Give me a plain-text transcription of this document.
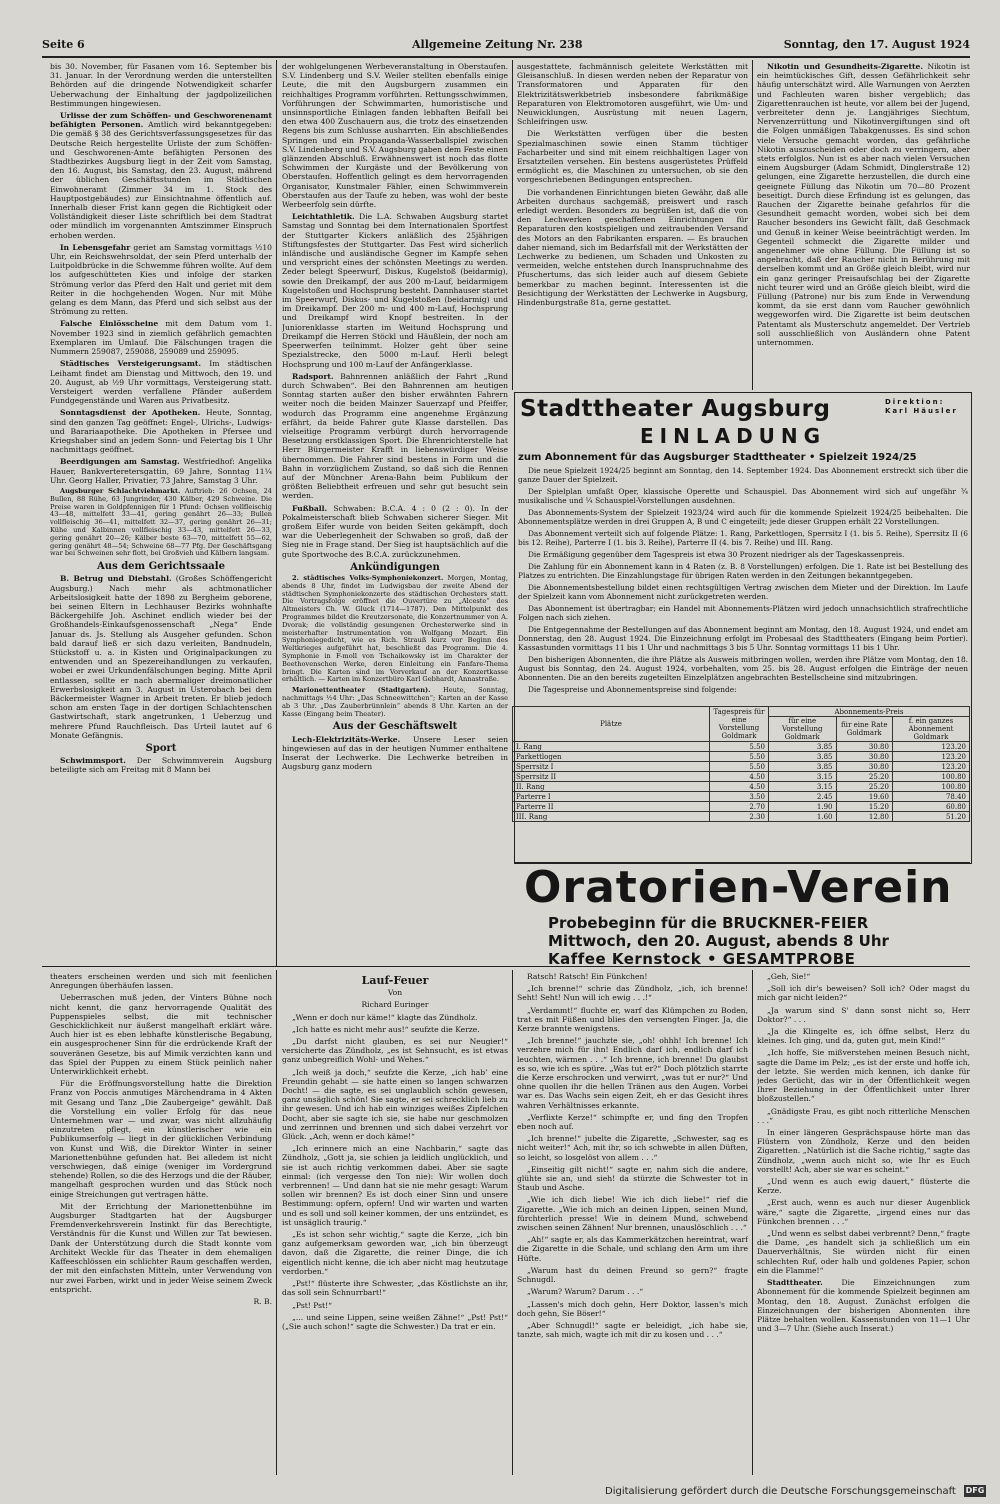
Seite 6	Allgemeine Zeitung Nr. 238	Sonntag, den 17. August 1924

bis 30. November, für Fasanen vom 16. September bis 31. Januar. In der Verordnung werden die unterstellten Behörden auf die dringende Notwendigkeit scharfer Ueberwachung der Einhaltung der jagdpolizeilichen Bestimmungen hingewiesen.

Urlisse der zum Schöffen- und Geschworenenamt befähigten Personen. Amtlich wird bekanntgegeben: Die gemäß § 38 des Gerichtsverfassungsgesetzes für das Deutsche Reich hergestellte Urliste der zum Schöffen- und Geschworenen-Amte befähigten Personen des Stadtbezirkes Augsburg liegt in der Zeit vom Samstag, den 16. August, bis Samstag, den 23. August, mährend der üblichen Geschäftsstunden im Städtischen Einwohneramt (Zimmer 34 im 1. Stock des Hauptpostgebäudes) zur Einsichtnahme öffentlich auf. Innerhalb dieser Frist kann gegen die Richtigkeit oder Vollständigkeit dieser Liste schriftlich bei dem Stadtrat oder mündlich im vorgenannten Amtszimmer Einspruch erhoben werden.

In Lebensgefahr geriet am Samstag vormittags ½10 Uhr, ein Reichswehrsoldat, der sein Pferd unterhalb der Luitpoldbrücke in die Schwemme führen wollte. Auf dem los aufgeschütteten Kies und infolge der starken Strömung verlor das Pferd den Halt und geriet mit dem Reiter in die hochgehenden Wogen. Nur mit Mühe gelang es dem Mann, das Pferd und sich selbst aus der Strömung zu retten.

Falsche Einlösscheine mit dem Datum vom 1. November 1923 sind in ziemlich gefährlich gemachten Exemplaren im Umlauf. Die Fälschungen tragen die Nummern 259087, 259088, 259089 und 259095.

Städtisches Versteigerungsamt. Im städtischen Leihamt findet am Dienstag und Mittwoch, den 19. und 20. August, ab ½9 Uhr vormittags, Versteigerung statt. Versteigert werden verfallene Pfänder außerdem Fundgegenstände und Waren aus Privatbesitz.

Sonntagsdienst der Apotheken. Heute, Sonntag, sind den ganzen Tag geöffnet: Engel-, Ulrichs-, Ludwigs- und Barariaapotheke. Die Apotheken in Pfersee und Kriegshaber sind an jedem Sonn- und Feiertag bis 1 Uhr nachmittags geöffnet.

Beerdigungen am Samstag. Westfriedhof: Angelika Hauer, Bankverteretersgattin, 69 Jahre, Sonntag 11¼ Uhr. Georg Haller, Privatier, 73 Jahre, Samstag 3 Uhr.

Augsburger Schlachtviehmarkt. Auftrieb: 26 Ochsen, 24 Bullen, 88 Rühe, 63 Jungrinder, 430 Kälber, 429 Schweine. Die Preise waren in Goldpfennigen für 1 Pfund: Ochsen vollfleischig 43—48, mittelfett 33—41, gering genährt 26—33; Bullen vollfleischig 36—41, mittelfett 32—37, gering genährt 26—31; Kühe und Kalbinnen vollfleischig 33—43, mittelfett 26—33, gering genährt 20—26; Kälber beste 63—70, mittelfett 55—62, gering genährt 48—54; Schweine 68—77 Pfg. Der Geschäftsgang war bei Schweinen sehr flott, bei Großvieh und Kälbern langsam.

Aus dem Gerichtssaale

B. Betrug und Diebstahl. (Großes Schöffengericht Augsburg.) Nach mehr als achtmonatlicher Arbeitslosigkeit hatte der 1898 zu Bergheim geborene, bei seinen Eltern in Lechhauser Bezirks wohnhafte Bäckergehilfe Joh. Aschinet endlich wieder bei der Großhandels-Einkaufsgenossenschaft „Nega“ Ende Januar ds. Js. Stellung als Ausgeher gefunden. Schon bald darauf ließ er sich dazu verleiten, Bandnudeln, Stückstoff u. a. in Kisten und Originalpackungen zu entwenden und an Spezereihandlungen zu verkaufen, wobei er zwei Urkundenfälschungen beging. Mitte April entlassen, sollte er nach abermaliger dreimonatlicher Erwerbslosigkeit am 3. August in Usterobach bei dem Bäckermeister Wagner in Arbeit treten. Er blieb jedoch schon am ersten Tage in der dortigen Schlachtenschen Gastwirtschaft, stark angetrunken, 1 Ueberzug und mehrere Pfund Rauchfleisch. Das Urteil lautet auf 6 Monate Gefängnis.

Sport

Schwimmsport. Der Schwimmverein Augsburg beteiligte sich am Freitag mit 8 Mann bei

der wohlgelungenen Werbeveranstaltung in Oberstaufen. S.V. Lindenberg und S.V. Weiler stellten ebenfalls einige Leute, die mit den Augsburgern zusammen ein reichhaltiges Programm vorführten. Rettungsschwimmen, Vorführungen der Schwimmarten, humoristische und unsinnsportliche Einlagen fanden lebhaften Beifall bei den etwa 400 Zuschauern aus, die trotz des einsetzenden Regens bis zum Schlusse ausharrten. Ein abschließendes Springen und ein Propaganda-Wasserballspiel zwischen S.V. Lindenberg und S.V. Augsburg gaben dem Feste einen glänzenden Abschluß. Erwähnenswert ist noch das flotte Schwimmen der Kurgäste und der Bevölkerung von Oberstaufen. Hoffentlich gelingt es dem hervorragenden Organisator, Kunstmaler Fähler, einen Schwimmverein Oberstaufen aus der Taufe zu heben, was wohl der beste Werbeerfolg sein dürfte.

Leichtathletik. Die L.A. Schwaben Augsburg startet Samstag und Sonntag bei dem Internationalen Sportfest der Stuttgarter Kickers anläßlich des 25jährigen Stiftungsfestes der Stuttgarter. Das Fest wird sicherlich inländische und ausländische Gegner im Kampfe sehen und verspricht eines der schönsten Meetings zu werden. Zeder belegt Speerwurf, Diskus, Kugelstoß (beidarmig), sowie den Dreikampf, der aus 200 m-Lauf, beidarmigem Kugelstoßen und Hochsprung besteht. Dannhauser startet im Speerwurf, Diskus- und Kugelstoßen (beidarmig) und im Dreikampf. Der 200 m- und 400 m-Lauf, Hochsprung und Dreikampf wird Knopf bestreiten. In der Juniorenklasse starten im Weitund Hochsprung und Dreikampf die Herren Stöckl und Häußlein, der noch am Speerwerfen teilnimmt. Holzer geht über seine Spezialstrecke, den 5000 m-Lauf. Herli belegt Hochsprung und 100 m-Lauf der Anfängerklasse.

Radsport. Bahnrennen anläßlich der Fahrt „Rund durch Schwaben“. Bei den Bahnrennen am heutigen Sonntag starten außer den bisher erwähnten Fahrern weiter noch die beiden Mainzer Sauerzapf und Pfeiffer, wodurch das Programm eine angenehme Ergänzung erfährt, da beide Fahrer gute Klasse darstellen. Das vielseitige Programm verbürgt durch hervorragende Besetzung erstklassigen Sport. Die Ehrenrichterstelle hat Herr Bürgermeister Krafft in liebenswürdiger Weise übernommen. Die Fahrer sind bestens in Form und die Bahn in vorzüglichem Zustand, so daß sich die Rennen auf der Münchner Arena-Bahn beim Publikum der größten Beliebtheit erfreuen und sehr gut besucht sein werden.

Fußball. Schwaben: B.C.A. 4 : 0 (2 : 0). In der Pokalmeisterschaft blieb Schwaben sicherer Sieger. Mit großem Eifer wurde von beiden Seiten gekämpft, doch war die Ueberlegenheit der Schwaben so groß, daß der Sieg nie in Frage stand. Der Sieg ist hauptsächlich auf die gute Sportwoche des B.C.A. zurückzunehmen.

Ankündigungen

2. städtisches Volks-Symphoniekonzert. Morgen, Montag, abends 8 Uhr, findet im Ludwigsbau der zweite Abend der städtischen Symphoniekonzerte des städtischen Orchesters statt. Die Vortragsfolge eröffnet die Ouvertüre zu „Alceste“ des Altmeisters Ch. W. Gluck (1714—1787). Den Mittelpunkt des Programmes bildet die Kreutzersonate, die Konzertnummer von A. Dvorak; die vollständig gesungenen Orchesterwerke sind in meisterhafter Instrumentation von Wolfgang Mozart. Ein Symphoniegedicht, wie es Rich. Strauß kurz vor Beginn des Weltkrieges aufgeführt hat, beschließt das Programm. Die 4. Symphonie in F-moll von Tschaikowsky ist im Charakter der Beethovenschen Werke, deren Einleitung ein Fanfare-Thema bringt. Die Karten sind im Vorverkauf an der Konzertkasse erhältlich. — Karten im Konzertbüro Karl Gebhardt, Annastraße.

Marionettentheater (Stadtgarten). Heute, Sonntag, nachmittags ½4 Uhr: „Das Schneewittchen“; Karten an der Kasse ab 3 Uhr. „Das Zauberbrünnlein“ abends 8 Uhr. Karten an der Kasse (Eingang beim Theater).

Aus der Geschäftswelt

Lech-Elektrizitäts-Werke. Unsere Leser seien hingewiesen auf das in der heutigen Nummer enthaltene Inserat der Lechwerke. Die Lechwerke betreiben in Augsburg ganz modern

ausgestattete, fachmännisch geleitete Werkstätten mit Gleisanschluß. In diesen werden neben der Reparatur von Transformatoren und Apparaten für den Elektrizitätswerkbetrieb insbesondere fabrikmäßige Reparaturen von Elektromotoren ausgeführt, wie Um- und Neuwicklungen, Ausrüstung mit neuen Lagern, Schleifringen usw.

Die Werkstätten verfügen über die besten Spezialmaschinen sowie einen Stamm tüchtiger Facharbeiter und sind mit einem reichhaltigen Lager von Ersatzteilen versehen. Ein bestens ausgerüstetes Prüffeld ermöglicht es, die Maschinen zu untersuchen, ob sie den vorgeschriebenen Bedingungen entsprechen.

Die vorhandenen Einrichtungen bieten Gewähr, daß alle Arbeiten durchaus sachgemäß, preiswert und rasch erledigt werden. Besonders zu begrüßen ist, daß die von den Lechwerken geschaffenen Einrichtungen für Reparaturen den kostspieligen und zeitraubenden Versand des Motors an den Fabrikanten ersparen. — Es brauchen daher niemand, sich im Bedarfsfall mit der Werkstätten der Lechwerke zu bedienen, um Schaden und Unkosten zu vermeiden, welche entstehen durch Inanspruchnahme des Pfuschertums, das sich leider auch auf diesem Gebiete bemerkbar zu machen beginnt. Interessenten ist die Besichtigung der Werkstätten der Lechwerke in Augsburg, Hindenburgstraße 81a, gerne gestattet.

Nikotin und Gesundheits-Zigarette. Nikotin ist ein heimtückisches Gift, dessen Gefährlichkeit sehr häufig unterschätzt wird. Alle Warnungen von Aerzten und Fachleuten waren bisher vergeblich; das Zigarettenrauchen ist heute, vor allem bei der Jugend, verbreiteter denn je. Langjähriges Siechtum, Nervenzerrüttung und Nikotinvergiftungen sind oft die Folgen unmäßigen Tabakgenusses. Es sind schon viele Versuche gemacht worden, das gefährliche Nikotin auszuscheiden oder doch zu verringern, aber stets erfolglos. Nun ist es aber nach vielen Versuchen einem Augsburger (Adam Schmidt, Dinglerstraße 12) gelungen, eine Zigarette herzustellen, die durch eine geeignete Füllung das Nikotin um 70—80 Prozent beseitigt. Durch diese Erfindung ist es gelungen, das Rauchen der Zigarette beinahe gefahrlos für die Gesundheit gemacht worden, wobei sich bei dem Raucher besonders ins Gewicht fällt, daß Geschmack und Genuß in keiner Weise beeinträchtigt werden. Im Gegenteil schmeckt die Zigarette milder und angenehmer wie ohne Füllung. Die Füllung ist so angebracht, daß der Raucher nicht in Berührung mit derselben kommt und an Größe gleich bleibt, wird nur ein ganz geringer Preisaufschlag bei der Zigarette nicht teurer wird und an Größe gleich bleibt, wird die Füllung (Patrone) nur bis zum Ende in Verwendung kommt, da sie erst dann vom Raucher gewöhnlich weggeworfen wird. Die Zigarette ist beim deutschen Patentamt als Musterschutz angemeldet. Der Vertrieb soll ausschließlich von Ausländern ohne Patent unternommen.

Stadttheater Augsburg	Direktion: Karl Häusler
EINLADUNG
zum Abonnement für das Augsburger Stadttheater • Spielzeit 1924/25

Die neue Spielzeit 1924/25 beginnt am Sonntag, den 14. September 1924. Das Abonnement erstreckt sich über die ganze Dauer der Spielzeit.

Der Spielplan umfaßt Oper, klassische Operette und Schauspiel. Das Abonnement wird sich auf ungefähr ¾ musikalische und ¼ Schauspiel-Vorstellungen ausdehnen.

Das Abonnements-System der Spielzeit 1923/24 wird auch für die kommende Spielzeit 1924/25 beibehalten. Die Abonnementsplätze werden in drei Gruppen A, B und C eingeteilt; jede dieser Gruppen erhält 22 Vorstellungen.

Das Abonnement verteilt sich auf folgende Plätze: 1. Rang, Parkettlogen, Sperrsitz I (1. bis 5. Reihe), Sperrsitz II (6 bis 12. Reihe), Parterre I (1. bis 3. Reihe), Parterre II (4. bis 7. Reihe) und III. Rang.

Die Ermäßigung gegenüber dem Tagespreis ist etwa 30 Prozent niedriger als der Tageskassenpreis.

Die Zahlung für ein Abonnement kann in 4 Raten (z. B. 8 Vorstellungen) erfolgen. Die 1. Rate ist bei Bestellung des Platzes zu entrichten. Die Einzahlungstage für übrigen Raten werden in den Zeitungen bekanntgegeben.

Die Abonnementsbestellung bildet einen rechtsgültigen Vertrag zwischen dem Mieter und der Direktion. Im Laufe der Spielzeit kann vom Abonnement nicht zurückgetreten werden.

Das Abonnement ist übertragbar; ein Handel mit Abonnements-Plätzen wird jedoch unnachsichtlich strafrechtliche Folgen nach sich ziehen.

Die Entgegennahme der Bestellungen auf das Abonnement beginnt am Montag, den 18. August 1924, und endet am Donnerstag, den 28. August 1924. Die Einzeichnung erfolgt im Probesaal des Stadttheaters (Eingang beim Portier). Kassastunden vormittags 11 bis 1 Uhr und nachmittags 3 bis 5 Uhr. Sonntag vormittags 11 bis 1 Uhr.

Den bisherigen Abonnenten, die ihre Plätze als Ausweis mitbringen wollen, werden ihre Plätze vom Montag, den 18. August bis Sonntag, den 24. August 1924, vorbehalten, vom 25. bis 28. August erfolgen die Einträge der neuen Abonnenten. Die an den bereits zugeteilten Einzelplätzen angebrachten Bestellscheine sind mitzubringen.

Die Tagespreise und Abonnementspreise sind folgende:

Plätze	Tagespreis für eine Vorstellung Goldmark	Abonnements-Preis		
		für eine Vorstellung Goldmark	für eine Rate Goldmark	f. ein ganzes Abonnement Goldmark
I. Rang	5.50	3.85	30.80	123.20
Parkettlogen	5.50	3.85	30.80	123.20
Sperrsitz I	5.50	3.85	30.80	123.20
Sperrsitz II	4.50	3.15	25.20	100.80
II. Rang	4.50	3.15	25.20	100.80
Parterre I	3.50	2.45	19.60	78.40
Parterre II	2.70	1.90	15.20	60.80
III. Rang	2.30	1.60	12.80	51.20
Oratorien-Verein
Probebeginn für die BRUCKNER-FEIER
Mittwoch, den 20. August, abends 8 Uhr
Kaffee Kernstock • GESAMTPROBE

theaters erscheinen werden und sich mit feenlichen Anregungen überhäufen lassen.

Ueberraschen muß jeden, der Vinters Bühne noch nicht kennt, die ganz hervorragende Qualität des Puppenspieles selbst, die mit technischer Geschicklichkeit nur äußerst mangelhaft erklärt wäre. Auch hier ist es eben lebhafte künstlerische Begabung, ein ausgesprochener Sinn für die erdrückende Kraft der souveränen Gesetze, bis auf Mimik verzichten kann und das Spiel der Puppen zu einem Stück peinlich naher Unterwirklichkeit erhebt.

Für die Eröffnungsvorstellung hatte die Direktion Franz von Poccis anmutiges Märchendrama in 4 Akten mit Gesang und Tanz „Die Zaubergeige“ gewählt. Daß die Vorstellung ein voller Erfolg für das neue Unternehmen war — und zwar, was nicht allzuhäufig einzutreten pflegt, ein künstlerischer wie ein Publikumserfolg — liegt in der glücklichen Verbindung von Kunst und Wiß, die Direktor Winter in seiner Marionettenbühne gefunden hat. Bei alledem ist nicht verschwiegen, daß einige (weniger im Vordergrund stehende) Rollen, so die des Herzogs und die der Räuber, mangelhaft gesprochen wurden und das Stück noch einige Streichungen gut vertragen hätte.

Mit der Errichtung der Marionettenbühne im Augsburger Stadtgarten hat der Augsburger Fremdenverkehrsverein Instinkt für das Berechtigte, Verständnis für die Kunst und Willen zur Tat bewiesen. Dank der Unterstützung durch die Stadt konnte vom Architekt Weckle für das Theater in dem ehemaligen Kaffeeschlössen ein schlichter Raum geschaffen werden, der mit den einfachsten Mitteln, unter Verwendung von nur zwei Farben, wirkt und in jeder Weise seinem Zweck entspricht.

R. B.

Lauf-Feuer

Von

Richard Euringer

„Wenn er doch nur käme!“ klagte das Zündholz.

„Ich hatte es nicht mehr aus!“ seufzte die Kerze.

„Du darfst nicht glauben, es sei nur Neugier!“ versicherte das Zündholz, „es ist Sehnsucht, es ist etwas ganz unbegreiflich Wohl- und Wehes.“

„Ich weiß ja doch,“ seufzte die Kerze, „ich hab’ eine Freundin gehabt — sie hatte einen so langen schwarzen Docht! — die sagte, es sei unglaublich schön gewesen, ganz unsäglich schön! Sie sagte, er sei schrecklich lieb zu ihr gewesen. Und ich hab ein winziges weißes Zipfelchen Docht, aber sie sagte ich sie, sie habe nur geschmolzen und zerrinnen und brennen und sich dabei verzehrt vor Glück. „Ach, wenn er doch käme!“

„Ich erinnere mich an eine Nachbarin,“ sagte das Zündholz, „Gott ja, sie schien ja leidlich unglücklich, und sie ist auch richtig verkommen dabei. Aber sie sagte einmal: (ich vergesse den Ton nie): Wir wollen doch verbrennen! — Und dann hat sie nie mehr gesagt: Warum sollen wir brennen? Es ist doch einer Sinn und unsere Bestimmung: opfern, opfern! Und wir warten und warten und es soll und soll keiner kommen, der uns entzündet, es ist unsäglich traurig.“

„Es ist schon sehr wichtig,“ sagte die Kerze, „ich bin ganz aufgemerksam geworden war, „ich bin überzeugt davon, daß die Zigarette, die reiner Dinge, die ich eigentlich nicht kenne, die ich aber nicht mag heutzutage verdorben.“

„Pst!“ flüsterte ihre Schwester, „das Köstlichste an ihr, das soll sein Schnurrbart!“

„Pst! Pst!“

„... und seine Lippen, seine weißen Zähne!“ „Pst! Pst!“ („Sie auch schon!“ sagte die Schwester.) Da trat er ein.

Ratsch! Ratsch! Ein Fünkchen!

„Ich brenne!“ schrie das Zündholz, „ich, ich brenne! Seht! Seht! Nun will ich ewig . . .!“

„Verdammt!“ fluchte er, warf das Klümpchen zu Boden, trat es mit Füßen und blies den versengten Finger. Ja, die Kerze brannte wenigstens.

„Ich brenne!“ jauchzte sie, „oh! ohhh! Ich brenne! Ich verzehre mich für ihn! Endlich darf ich, endlich darf ich leuchten, wärmen . . .“ Ich brenne, ich brenne! Du glaubst es so, wie ich es spüre. „Was tut er?“ Doch plötzlich starrte die Kerze erschrocken und verwirrt, „was tut er nur?“ Und ohne quollen ihr die hellen Tränen aus den Augen. Vorbei war es. Das Wachs sein eigen Zeit, eh er das Gesicht ihres wahren Verhältnisses erkannte.

„Verflixte Kerze!“ schimpfte er, und fing den Tropfen eben noch auf.

„Ich brenne!“ jubelte die Zigarette, „Schwester, sag es nicht weiter!“ Ach, mit ihr, so ich schwebte in allen Düften, so leicht, so losgelöst von allem . . .“

„Einseitig gilt nicht!“ sagte er, nahm sich die andere, glühte sie an, und sieh! da stürzte die Schwester tot in Staub und Asche.

„Wie ich dich liebe! Wie ich dich liebe!“ rief die Zigarette. „Wie ich mich an deinen Lippen, seinen Mund, fürchterlich presse! Wie in deinem Mund, schwebend zwischen seinen Zähnen! Nur brennen, unauslöschlich . . .“

„Ah!“ sagte er, als das Kammerkätzchen hereintrat, warf die Zigarette in die Schale, und schlang den Arm um ihre Hüfte.

„Warum hast du deinen Freund so gern?“ fragte Schnugdl.

„Warum? Warum? Darum . . .“

„Lassen's mich doch gehn, Herr Doktor, lassen's mich doch gehn, Sie Böser!“

„Aber Schnugdl!“ sagte er beleidigt, „ich habe sie, tanzte, sah mich, wagte ich mit dir zu kosen und . . .“

„Geh, Sie!“

„Soll ich dir's beweisen? Soll ich? Oder magst du mich gar nicht leiden?“

„Ja warum sind S' dann sonst nicht so, Herr Doktor?“ . . .

„Ja die Klingelte es, ich öffne selbst, Herz du kleines. Ich ging, und da, guten gut, mein Kind!“

„Ich hoffe, Sie mißverstehen meinen Besuch nicht, sagte die Dame im Pelz; „es ist der erste und hoffe ich, der letzte. Sie werden mich kennen, ich danke für jedes Gerücht, das wir in der Öffentlichkeit wegen Ihrer Beziehung in der Öffentlichkeit unter Ihrer bloßzustellen.“

„Gnädigste Frau, es gibt noch ritterliche Menschen . . .“

In einer längeren Gesprächspause hörte man das Flüstern von Zündholz, Kerze und den beiden Zigaretten. „Natürlich ist die Sache richtig,“ sagte das Zündholz, „wenn auch nicht so, wie Ihr es Euch vorstellt! Ach, aber sie war es scheint.“

„Und wenn es auch ewig dauert,“ flüsterte die Kerze.

„Erst auch, wenn es auch nur dieser Augenblick wäre,“ sagte die Zigarette, „irgend eines nur das Fünkchen brennen . . .“

„Und wenn es selbst dabei verbrennt? Denn,“ fragte die Dame, „es handelt sich ja schließlich um ein Dauerverhältnis, Sie würden nicht für einen schlechten Ruf, oder halb und goldenes Papier, schon ein die Flamme!“

Stadttheater. Die Einzeichnungen zum Abonnement für die kommende Spielzeit beginnen am Montag, den 18. August. Zunächst erfolgen die Einzeichnungen der bisherigen Abonnenten ihre Plätze behalten wollen. Kassenstunden von 11—1 Uhr und 3—7 Uhr. (Siehe auch Inserat.)

Digitalisierung gefördert durch die Deutsche Forschungsgemeinschaft DFG
